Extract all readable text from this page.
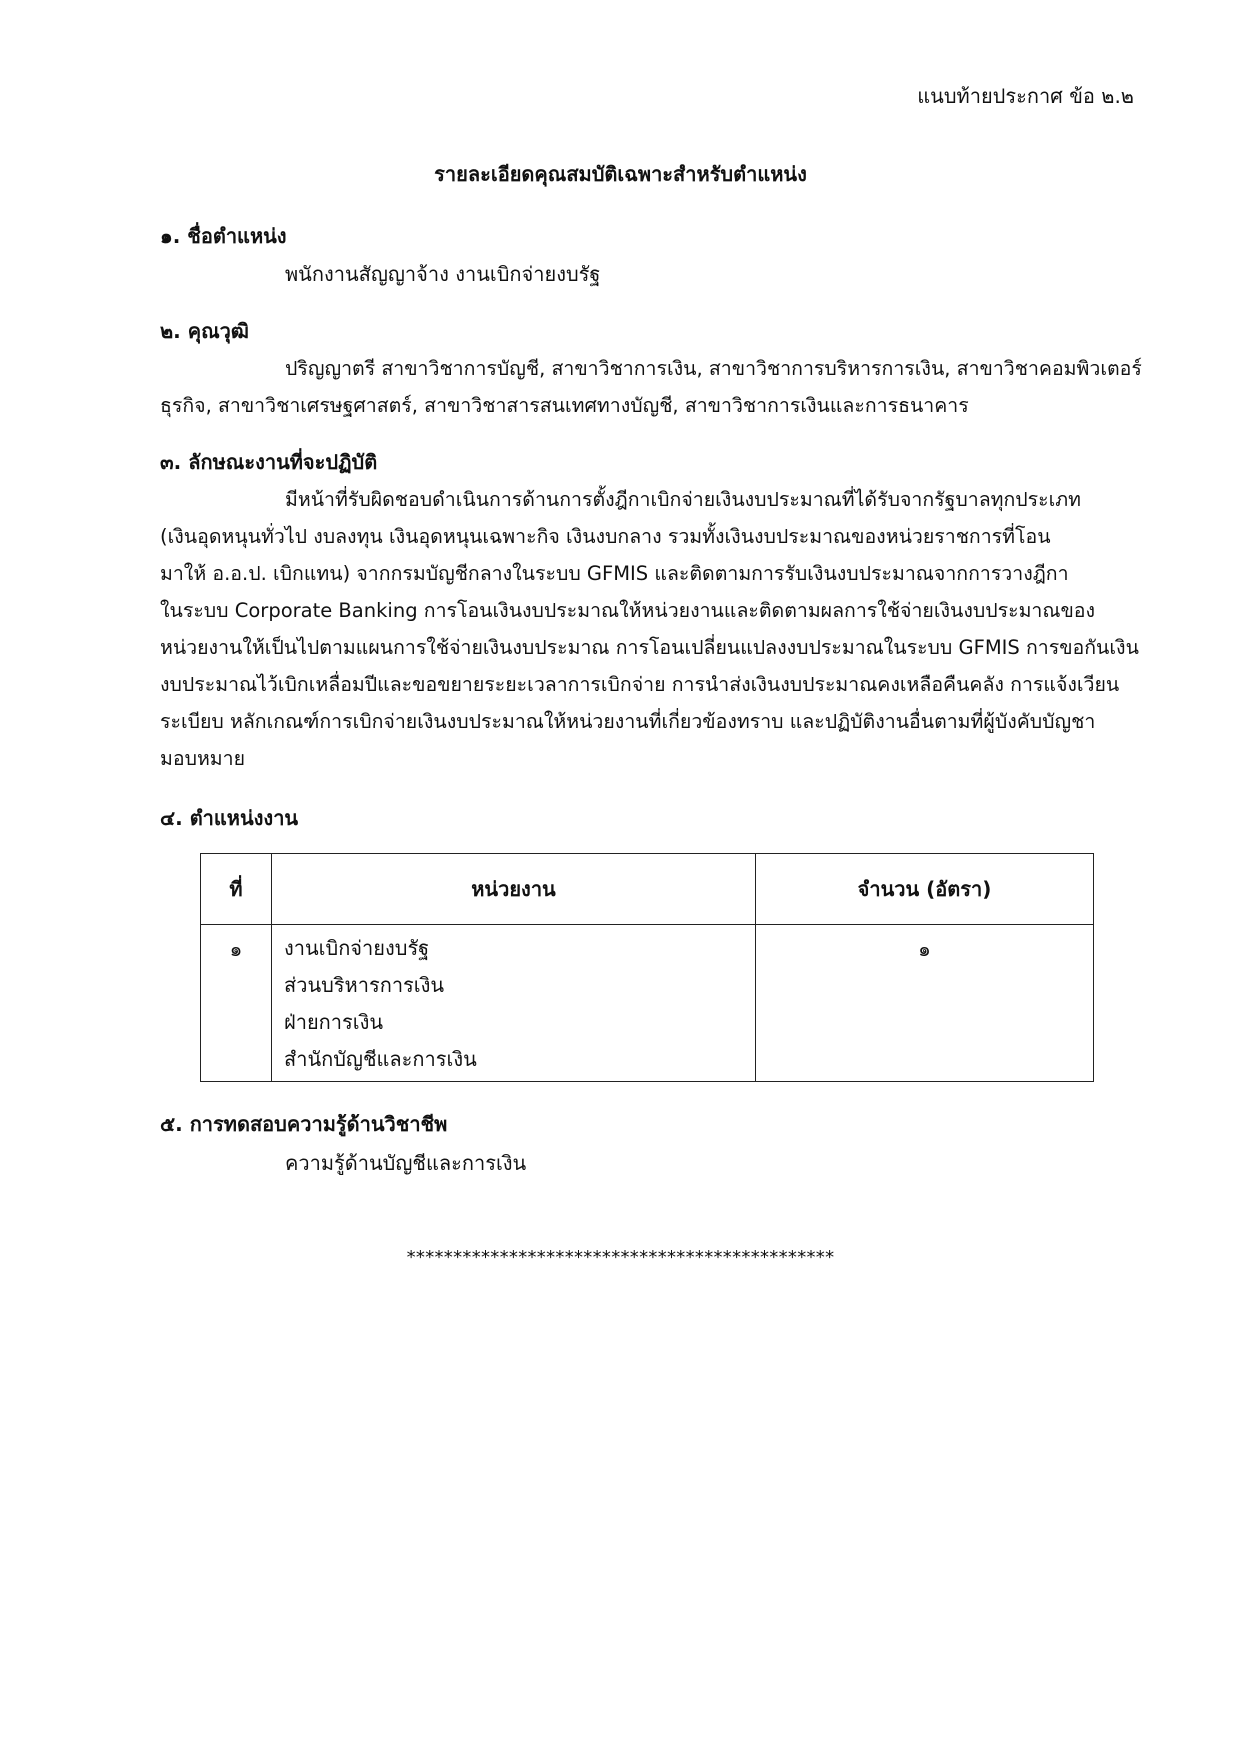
แนบท้ายประกาศ ข้อ ๒.๒
รายละเอียดคุณสมบัติเฉพาะสำหรับตำแหน่ง
๑. ชื่อตำแหน่ง
พนักงานสัญญาจ้าง งานเบิกจ่ายงบรัฐ
๒. คุณวุฒิ
ปริญญาตรี สาขาวิชาการบัญชี, สาขาวิชาการเงิน, สาขาวิชาการบริหารการเงิน, สาขาวิชาคอมพิวเตอร์
ธุรกิจ, สาขาวิชาเศรษฐศาสตร์, สาขาวิชาสารสนเทศทางบัญชี, สาขาวิชาการเงินและการธนาคาร
๓. ลักษณะงานที่จะปฏิบัติ
มีหน้าที่รับผิดชอบดำเนินการด้านการตั้งฎีกาเบิกจ่ายเงินงบประมาณที่ได้รับจากรัฐบาลทุกประเภท
(เงินอุดหนุนทั่วไป งบลงทุน เงินอุดหนุนเฉพาะกิจ เงินงบกลาง รวมทั้งเงินงบประมาณของหน่วยราชการที่โอน
มาให้ อ.อ.ป. เบิกแทน) จากกรมบัญชีกลางในระบบ GFMIS และติดตามการรับเงินงบประมาณจากการวางฎีกา
ในระบบ Corporate Banking การโอนเงินงบประมาณให้หน่วยงานและติดตามผลการใช้จ่ายเงินงบประมาณของ
หน่วยงานให้เป็นไปตามแผนการใช้จ่ายเงินงบประมาณ การโอนเปลี่ยนแปลงงบประมาณในระบบ GFMIS การขอกันเงิน
งบประมาณไว้เบิกเหลื่อมปีและขอขยายระยะเวลาการเบิกจ่าย การนำส่งเงินงบประมาณคงเหลือคืนคลัง การแจ้งเวียน
ระเบียบ หลักเกณฑ์การเบิกจ่ายเงินงบประมาณให้หน่วยงานที่เกี่ยวข้องทราบ และปฏิบัติงานอื่นตามที่ผู้บังคับบัญชา
มอบหมาย
๔. ตำแหน่งงาน
ที่	หน่วยงาน	จำนวน (อัตรา)

๑	งานเบิกจ่ายงบรัฐ
ส่วนบริหารการเงิน
ฝ่ายการเงิน
สำนักบัญชีและการเงิน	๑
๕. การทดสอบความรู้ด้านวิชาชีพ
ความรู้ด้านบัญชีและการเงิน
**********************************************
